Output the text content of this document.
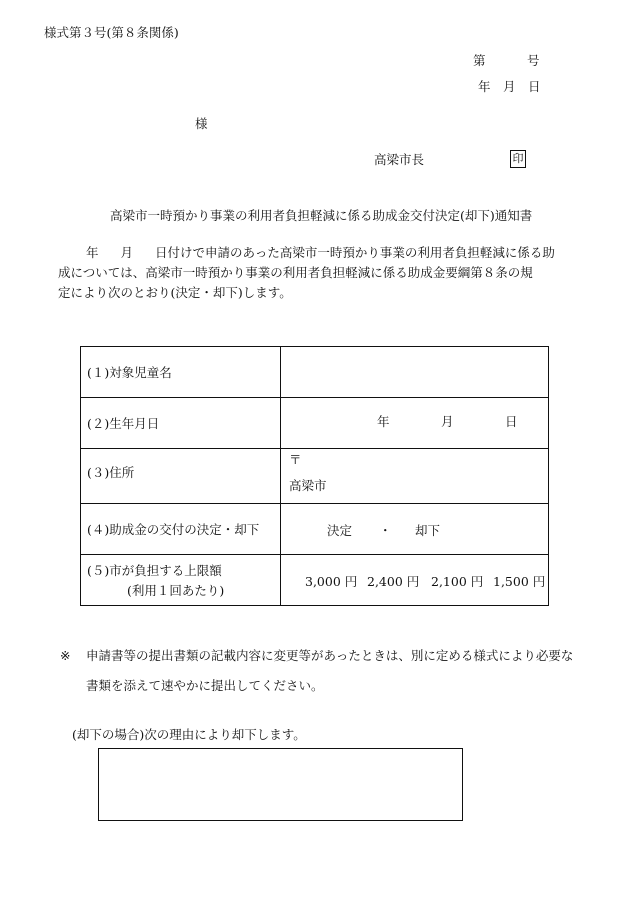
様式第３号(第８条関係)
第	号
年 月 日
様
高梁市長	印
高梁市一時預かり事業の利用者負担軽減に係る助成金交付決定(却下)通知書
年 月 日付けで申請のあった高梁市一時預かり事業の利用者負担軽減に係る助
成については、高梁市一時預かり事業の利用者負担軽減に係る助成金要綱第８条の規
定により次のとおり(決定・却下)します。
(１)対象児童名	
(２)生年月日	年 月 日

(３)住所	〒
高梁市

(４)助成金の交付の決定・却下	決定 ・ 却下

(５)市が負担する上限額
(利用１回あたり)	3,000 円 2,400 円 2,100 円 1,500 円
※ 申請書等の提出書類の記載内容に変更等があったときは、別に定める様式により必要な
書類を添えて速やかに提出してください。
(却下の場合)次の理由により却下します。
